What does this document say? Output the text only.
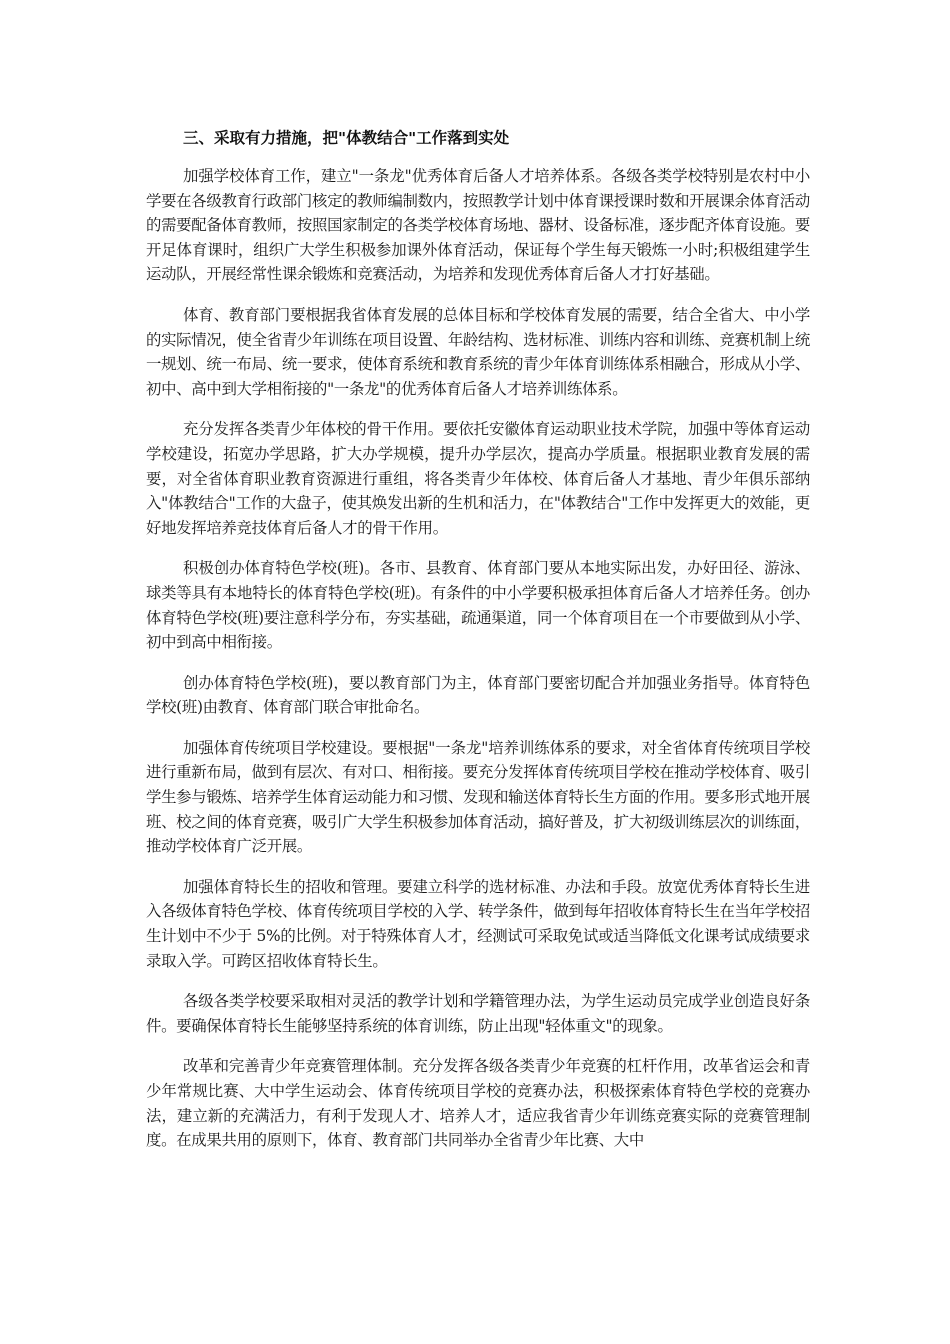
三、采取有力措施，把"体教结合"工作落到实处

加强学校体育工作，建立"一条龙"优秀体育后备人才培养体系。各级各类学校特别是农村中小学要在各级教育行政部门核定的教师编制数内，按照教学计划中体育课授课时数和开展课余体育活动的需要配备体育教师，按照国家制定的各类学校体育场地、器材、设备标准，逐步配齐体育设施。要开足体育课时，组织广大学生积极参加课外体育活动，保证每个学生每天锻炼一小时;积极组建学生运动队，开展经常性课余锻炼和竞赛活动，为培养和发现优秀体育后备人才打好基础。

体育、教育部门要根据我省体育发展的总体目标和学校体育发展的需要，结合全省大、中小学的实际情况，使全省青少年训练在项目设置、年龄结构、选材标准、训练内容和训练、竞赛机制上统一规划、统一布局、统一要求，使体育系统和教育系统的青少年体育训练体系相融合，形成从小学、初中、高中到大学相衔接的"一条龙"的优秀体育后备人才培养训练体系。

充分发挥各类青少年体校的骨干作用。要依托安徽体育运动职业技术学院，加强中等体育运动学校建设，拓宽办学思路，扩大办学规模，提升办学层次，提高办学质量。根据职业教育发展的需要，对全省体育职业教育资源进行重组，将各类青少年体校、体育后备人才基地、青少年俱乐部纳入"体教结合"工作的大盘子，使其焕发出新的生机和活力，在"体教结合"工作中发挥更大的效能，更好地发挥培养竞技体育后备人才的骨干作用。

积极创办体育特色学校(班)。各市、县教育、体育部门要从本地实际出发，办好田径、游泳、球类等具有本地特长的体育特色学校(班)。有条件的中小学要积极承担体育后备人才培养任务。创办体育特色学校(班)要注意科学分布，夯实基础，疏通渠道，同一个体育项目在一个市要做到从小学、初中到高中相衔接。

创办体育特色学校(班)，要以教育部门为主，体育部门要密切配合并加强业务指导。体育特色学校(班)由教育、体育部门联合审批命名。

加强体育传统项目学校建设。要根据"一条龙"培养训练体系的要求，对全省体育传统项目学校进行重新布局，做到有层次、有对口、相衔接。要充分发挥体育传统项目学校在推动学校体育、吸引学生参与锻炼、培养学生体育运动能力和习惯、发现和输送体育特长生方面的作用。要多形式地开展班、校之间的体育竞赛，吸引广大学生积极参加体育活动，搞好普及，扩大初级训练层次的训练面，推动学校体育广泛开展。

加强体育特长生的招收和管理。要建立科学的选材标准、办法和手段。放宽优秀体育特长生进入各级体育特色学校、体育传统项目学校的入学、转学条件，做到每年招收体育特长生在当年学校招生计划中不少于 5%的比例。对于特殊体育人才，经测试可采取免试或适当降低文化课考试成绩要求录取入学。可跨区招收体育特长生。

各级各类学校要采取相对灵活的教学计划和学籍管理办法，为学生运动员完成学业创造良好条件。要确保体育特长生能够坚持系统的体育训练，防止出现"轻体重文"的现象。

改革和完善青少年竞赛管理体制。充分发挥各级各类青少年竞赛的杠杆作用，改革省运会和青少年常规比赛、大中学生运动会、体育传统项目学校的竞赛办法，积极探索体育特色学校的竞赛办法，建立新的充满活力，有利于发现人才、培养人才，适应我省青少年训练竞赛实际的竞赛管理制度。在成果共用的原则下，体育、教育部门共同举办全省青少年比赛、大中
